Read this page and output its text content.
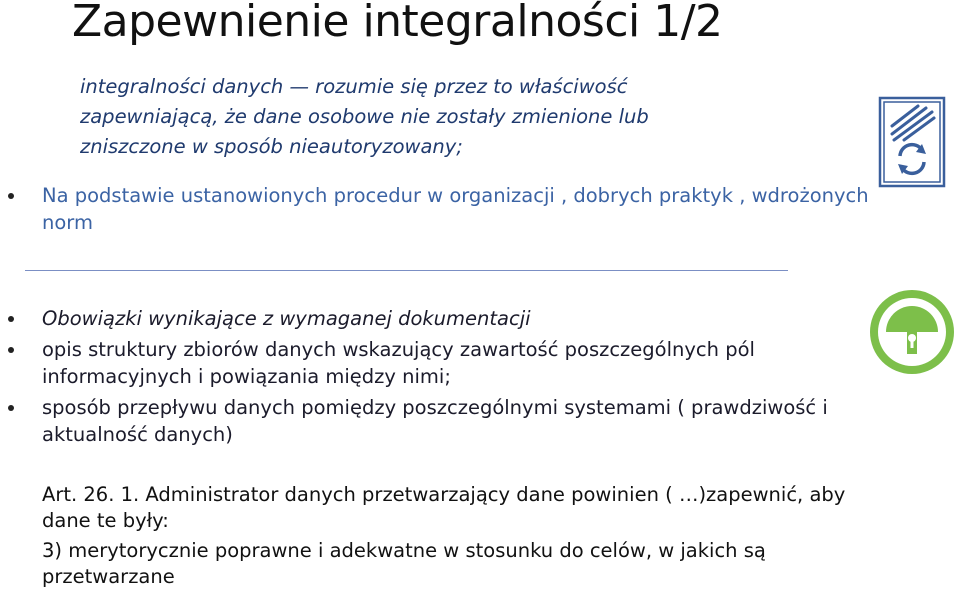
Zapewnienie integralności 1/2
integralności danych — rozumie się przez to właściwość
zapewniającą, że dane osobowe nie zostały zmienione lub
zniszczone w sposób nieautoryzowany;
Na podstawie ustanowionych procedur w organizacji , dobrych praktyk , wdrożonych
norm
Obowiązki wynikające z wymaganej dokumentacji
opis struktury zbiorów danych wskazujący zawartość poszczególnych pól
informacyjnych i powiązania między nimi;
sposób przepływu danych pomiędzy poszczególnymi systemami ( prawdziwość i
aktualność danych)
Art. 26. 1. Administrator danych przetwarzający dane powinien ( …)zapewnić, aby
dane te były:
3) merytorycznie poprawne i adekwatne w stosunku do celów, w jakich są
przetwarzane
